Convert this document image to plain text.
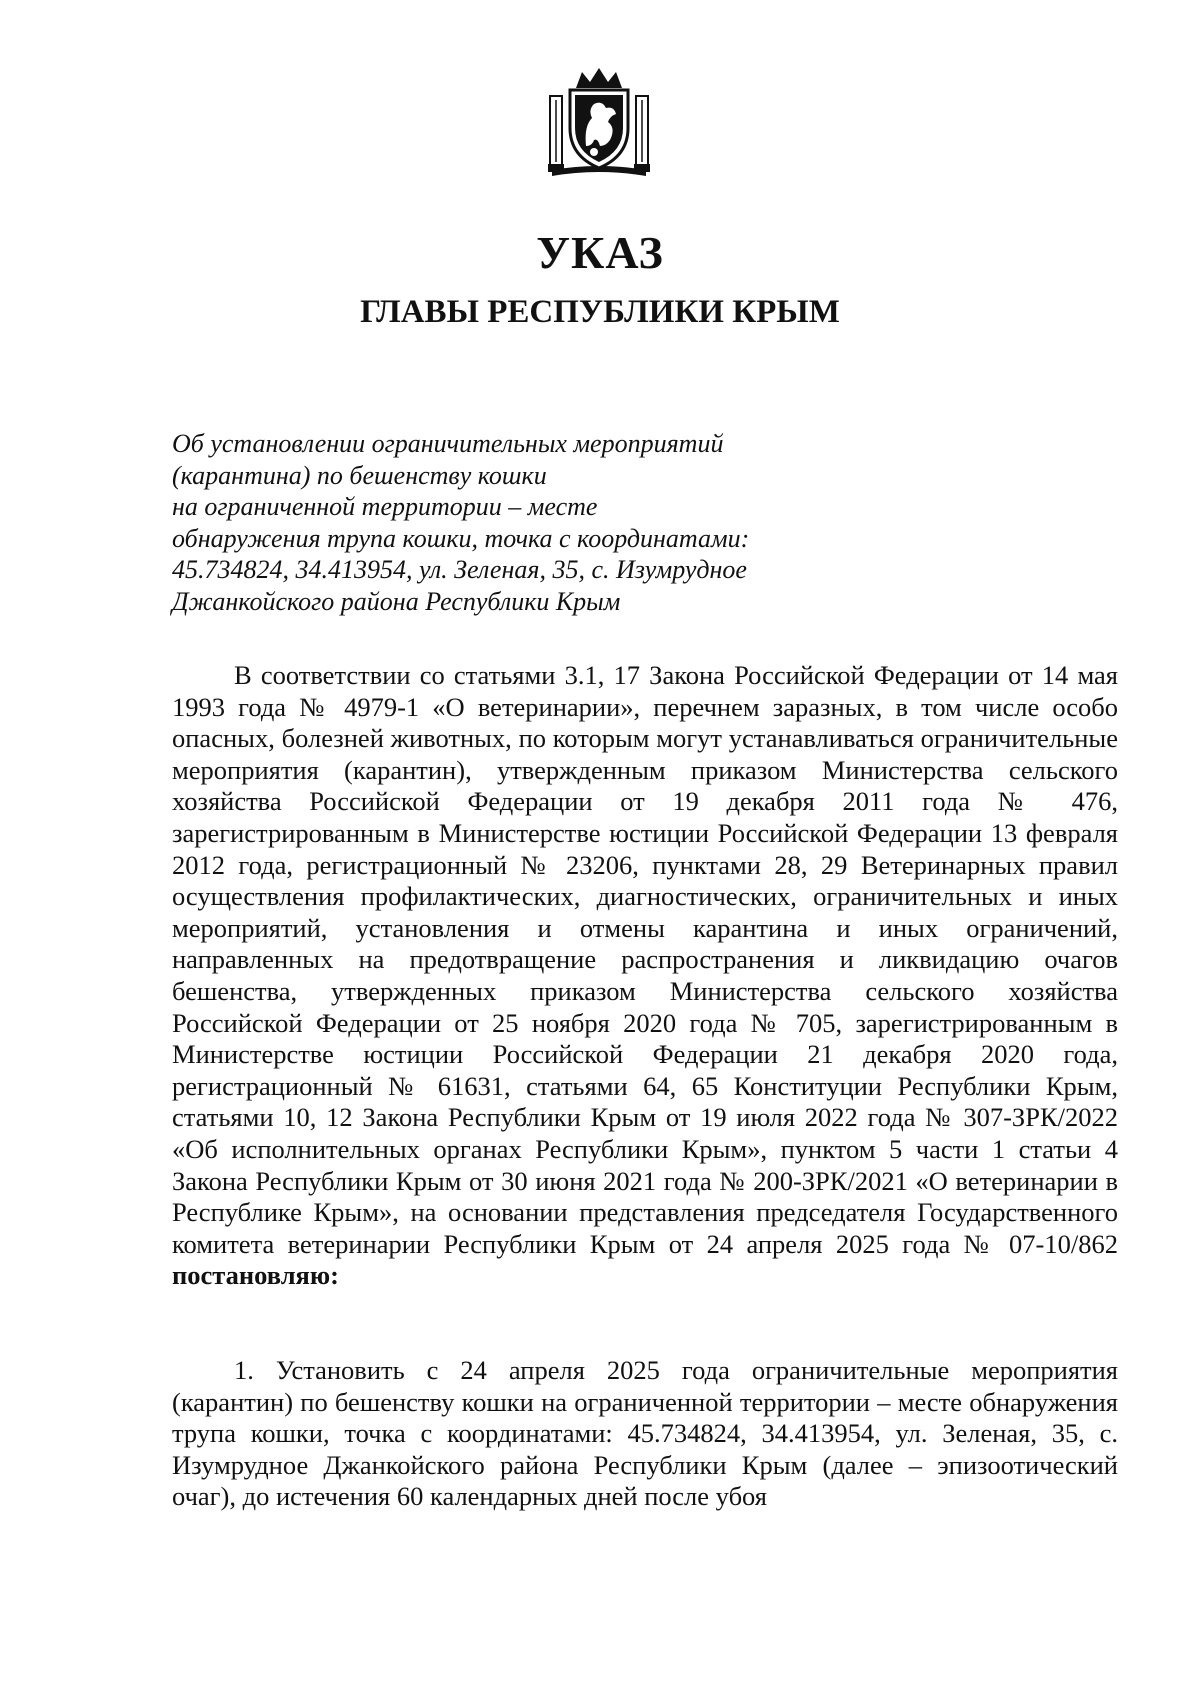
УКАЗ
ГЛАВЫ РЕСПУБЛИКИ КРЫМ
Об установлении ограничительных мероприятий
(карантина) по бешенству кошки
на ограниченной территории – месте
обнаружения трупа кошки, точка с координатами:
45.734824, 34.413954, ул. Зеленая, 35, с. Изумрудное
Джанкойского района Республики Крым

В соответствии со статьями 3.1, 17 Закона Российской Федерации от 14 мая 1993 года № 4979-1 «О ветеринарии», перечнем заразных, в том числе особо опасных, болезней животных, по которым могут устанавливаться ограничительные мероприятия (карантин), утвержденным приказом Министерства сельского хозяйства Российской Федерации от 19 декабря 2011 года № 476, зарегистрированным в Министерстве юстиции Российской Федерации 13 февраля 2012 года, регистрационный № 23206, пунктами 28, 29 Ветеринарных правил осуществления профилактических, диагностических, ограничительных и иных мероприятий, установления и отмены карантина и иных ограничений, направленных на предотвращение распространения и ликвидацию очагов бешенства, утвержденных приказом Министерства сельского хозяйства Российской Федерации от 25 ноября 2020 года № 705, зарегистрированным в Министерстве юстиции Российской Федерации 21 декабря 2020 года, регистрационный № 61631, статьями 64, 65 Конституции Республики Крым, статьями 10, 12 Закона Республики Крым от 19 июля 2022 года № 307-ЗРК/2022 «Об исполнительных органах Республики Крым», пунктом 5 части 1 статьи 4 Закона Республики Крым от 30 июня 2021 года № 200-ЗРК/2021 «О ветеринарии в Республике Крым», на основании представления председателя Государственного комитета ветеринарии Республики Крым от 24 апреля 2025 года № 07-10/862 постановляю:

1. Установить с 24 апреля 2025 года ограничительные мероприятия (карантин) по бешенству кошки на ограниченной территории – месте обнаружения трупа кошки, точка с координатами: 45.734824, 34.413954, ул. Зеленая, 35, с. Изумрудное Джанкойского района Республики Крым (далее – эпизоотический очаг), до истечения 60 календарных дней после убоя
